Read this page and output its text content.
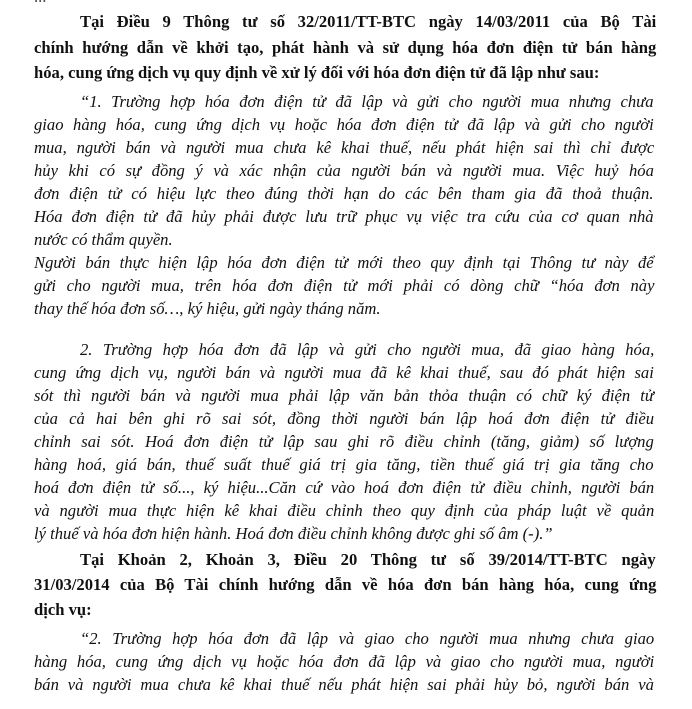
Tại Điều 9 Thông tư số 32/2011/TT-BTC ngày 14/03/2011 của Bộ Tài
chính hướng dẫn về khởi tạo, phát hành và sử dụng hóa đơn điện tử bán hàng
hóa, cung ứng dịch vụ quy định về xử lý đối với hóa đơn điện tử đã lập như sau:
“1. Trường hợp hóa đơn điện tử đã lập và gửi cho người mua nhưng chưa
giao hàng hóa, cung ứng dịch vụ hoặc hóa đơn điện tử đã lập và gửi cho người
mua, người bán và người mua chưa kê khai thuế, nếu phát hiện sai thì chỉ được
hủy khi có sự đồng ý và xác nhận của người bán và người mua. Việc huỷ hóa
đơn điện tử có hiệu lực theo đúng thời hạn do các bên tham gia đã thoả thuận.
Hóa đơn điện tử đã hủy phải được lưu trữ phục vụ việc tra cứu của cơ quan nhà
nước có thẩm quyền.
Người bán thực hiện lập hóa đơn điện tử mới theo quy định tại Thông tư này để
gửi cho người mua, trên hóa đơn điện tử mới phải có dòng chữ “hóa đơn này
thay thế hóa đơn số…, ký hiệu, gửi ngày tháng năm.
2. Trường hợp hóa đơn đã lập và gửi cho người mua, đã giao hàng hóa,
cung ứng dịch vụ, người bán và người mua đã kê khai thuế, sau đó phát hiện sai
sót thì người bán và người mua phải lập văn bản thỏa thuận có chữ ký điện tử
của cả hai bên ghi rõ sai sót, đồng thời người bán lập hoá đơn điện tử điều
chỉnh sai sót. Hoá đơn điện tử lập sau ghi rõ điều chỉnh (tăng, giảm) số lượng
hàng hoá, giá bán, thuế suất thuế giá trị gia tăng, tiền thuế giá trị gia tăng cho
hoá đơn điện tử số..., ký hiệu...Căn cứ vào hoá đơn điện tử điều chỉnh, người bán
và người mua thực hiện kê khai điều chỉnh theo quy định của pháp luật về quản
lý thuế và hóa đơn hiện hành. Hoá đơn điều chỉnh không được ghi số âm (-).”
Tại Khoản 2, Khoản 3, Điều 20 Thông tư số 39/2014/TT-BTC ngày
31/03/2014 của Bộ Tài chính hướng dẫn về hóa đơn bán hàng hóa, cung ứng
dịch vụ:
“2. Trường hợp hóa đơn đã lập và giao cho người mua nhưng chưa giao
hàng hóa, cung ứng dịch vụ hoặc hóa đơn đã lập và giao cho người mua, người
bán và người mua chưa kê khai thuế nếu phát hiện sai phải hủy bỏ, người bán và
